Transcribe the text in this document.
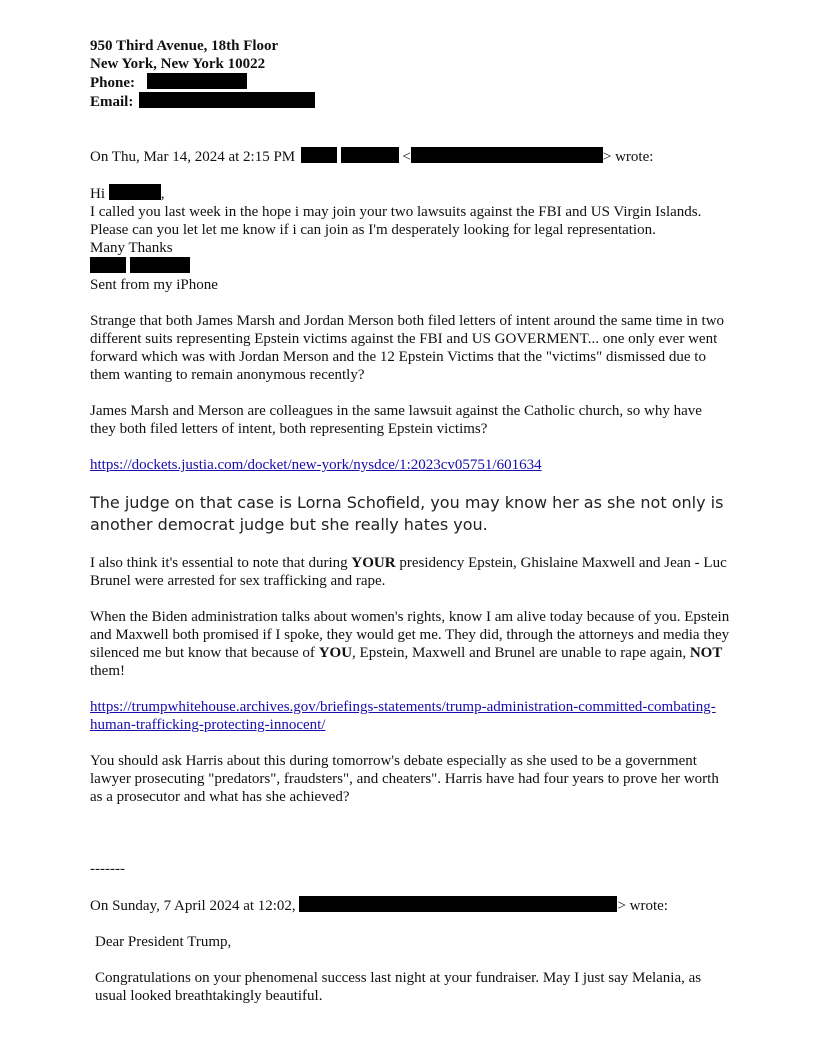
950 Third Avenue, 18th Floor

New York, New York 10022

Phone:

Email:

On Thu, Mar 14, 2024 at 2:15 PM	<	> wrote:

Hi	,

I called you last week in the hope i may join your two lawsuits against the FBI and US Virgin Islands.

Please can you let let me know if i can join as I'm desperately looking for legal representation.

Many Thanks

Sent from my iPhone

Strange that both James Marsh and Jordan Merson both filed letters of intent around the same time in two different suits representing Epstein victims against the FBI and US GOVERMENT... one only ever went forward which was with Jordan Merson and the 12 Epstein Victims that the "victims" dismissed due to them wanting to remain anonymous recently?

James Marsh and Merson are colleagues in the same lawsuit against the Catholic church, so why have they both filed letters of intent, both representing Epstein victims?

https://dockets.justia.com/docket/new-york/nysdce/1:2023cv05751/601634

The judge on that case is Lorna Schofield, you may know her as she not only is another democrat judge but she really hates you.

I also think it's essential to note that during YOUR presidency Epstein, Ghislaine Maxwell and Jean - Luc Brunel were arrested for sex trafficking and rape.

When the Biden administration talks about women's rights, know I am alive today because of you. Epstein and Maxwell both promised if I spoke, they would get me. They did, through the attorneys and media they silenced me but know that because of YOU, Epstein, Maxwell and Brunel are unable to rape again, NOT them!

https://trumpwhitehouse.archives.gov/briefings-statements/trump-administration-committed-combating-human-trafficking-protecting-innocent/

You should ask Harris about this during tomorrow's debate especially as she used to be a government lawyer prosecuting "predators", fraudsters", and cheaters". Harris have had four years to prove her worth as a prosecutor and what has she achieved?

-------

On Sunday, 7 April 2024 at 12:02,	> wrote:

Dear President Trump,

Congratulations on your phenomenal success last night at your fundraiser. May I just say Melania, as usual looked breathtakingly beautiful.
